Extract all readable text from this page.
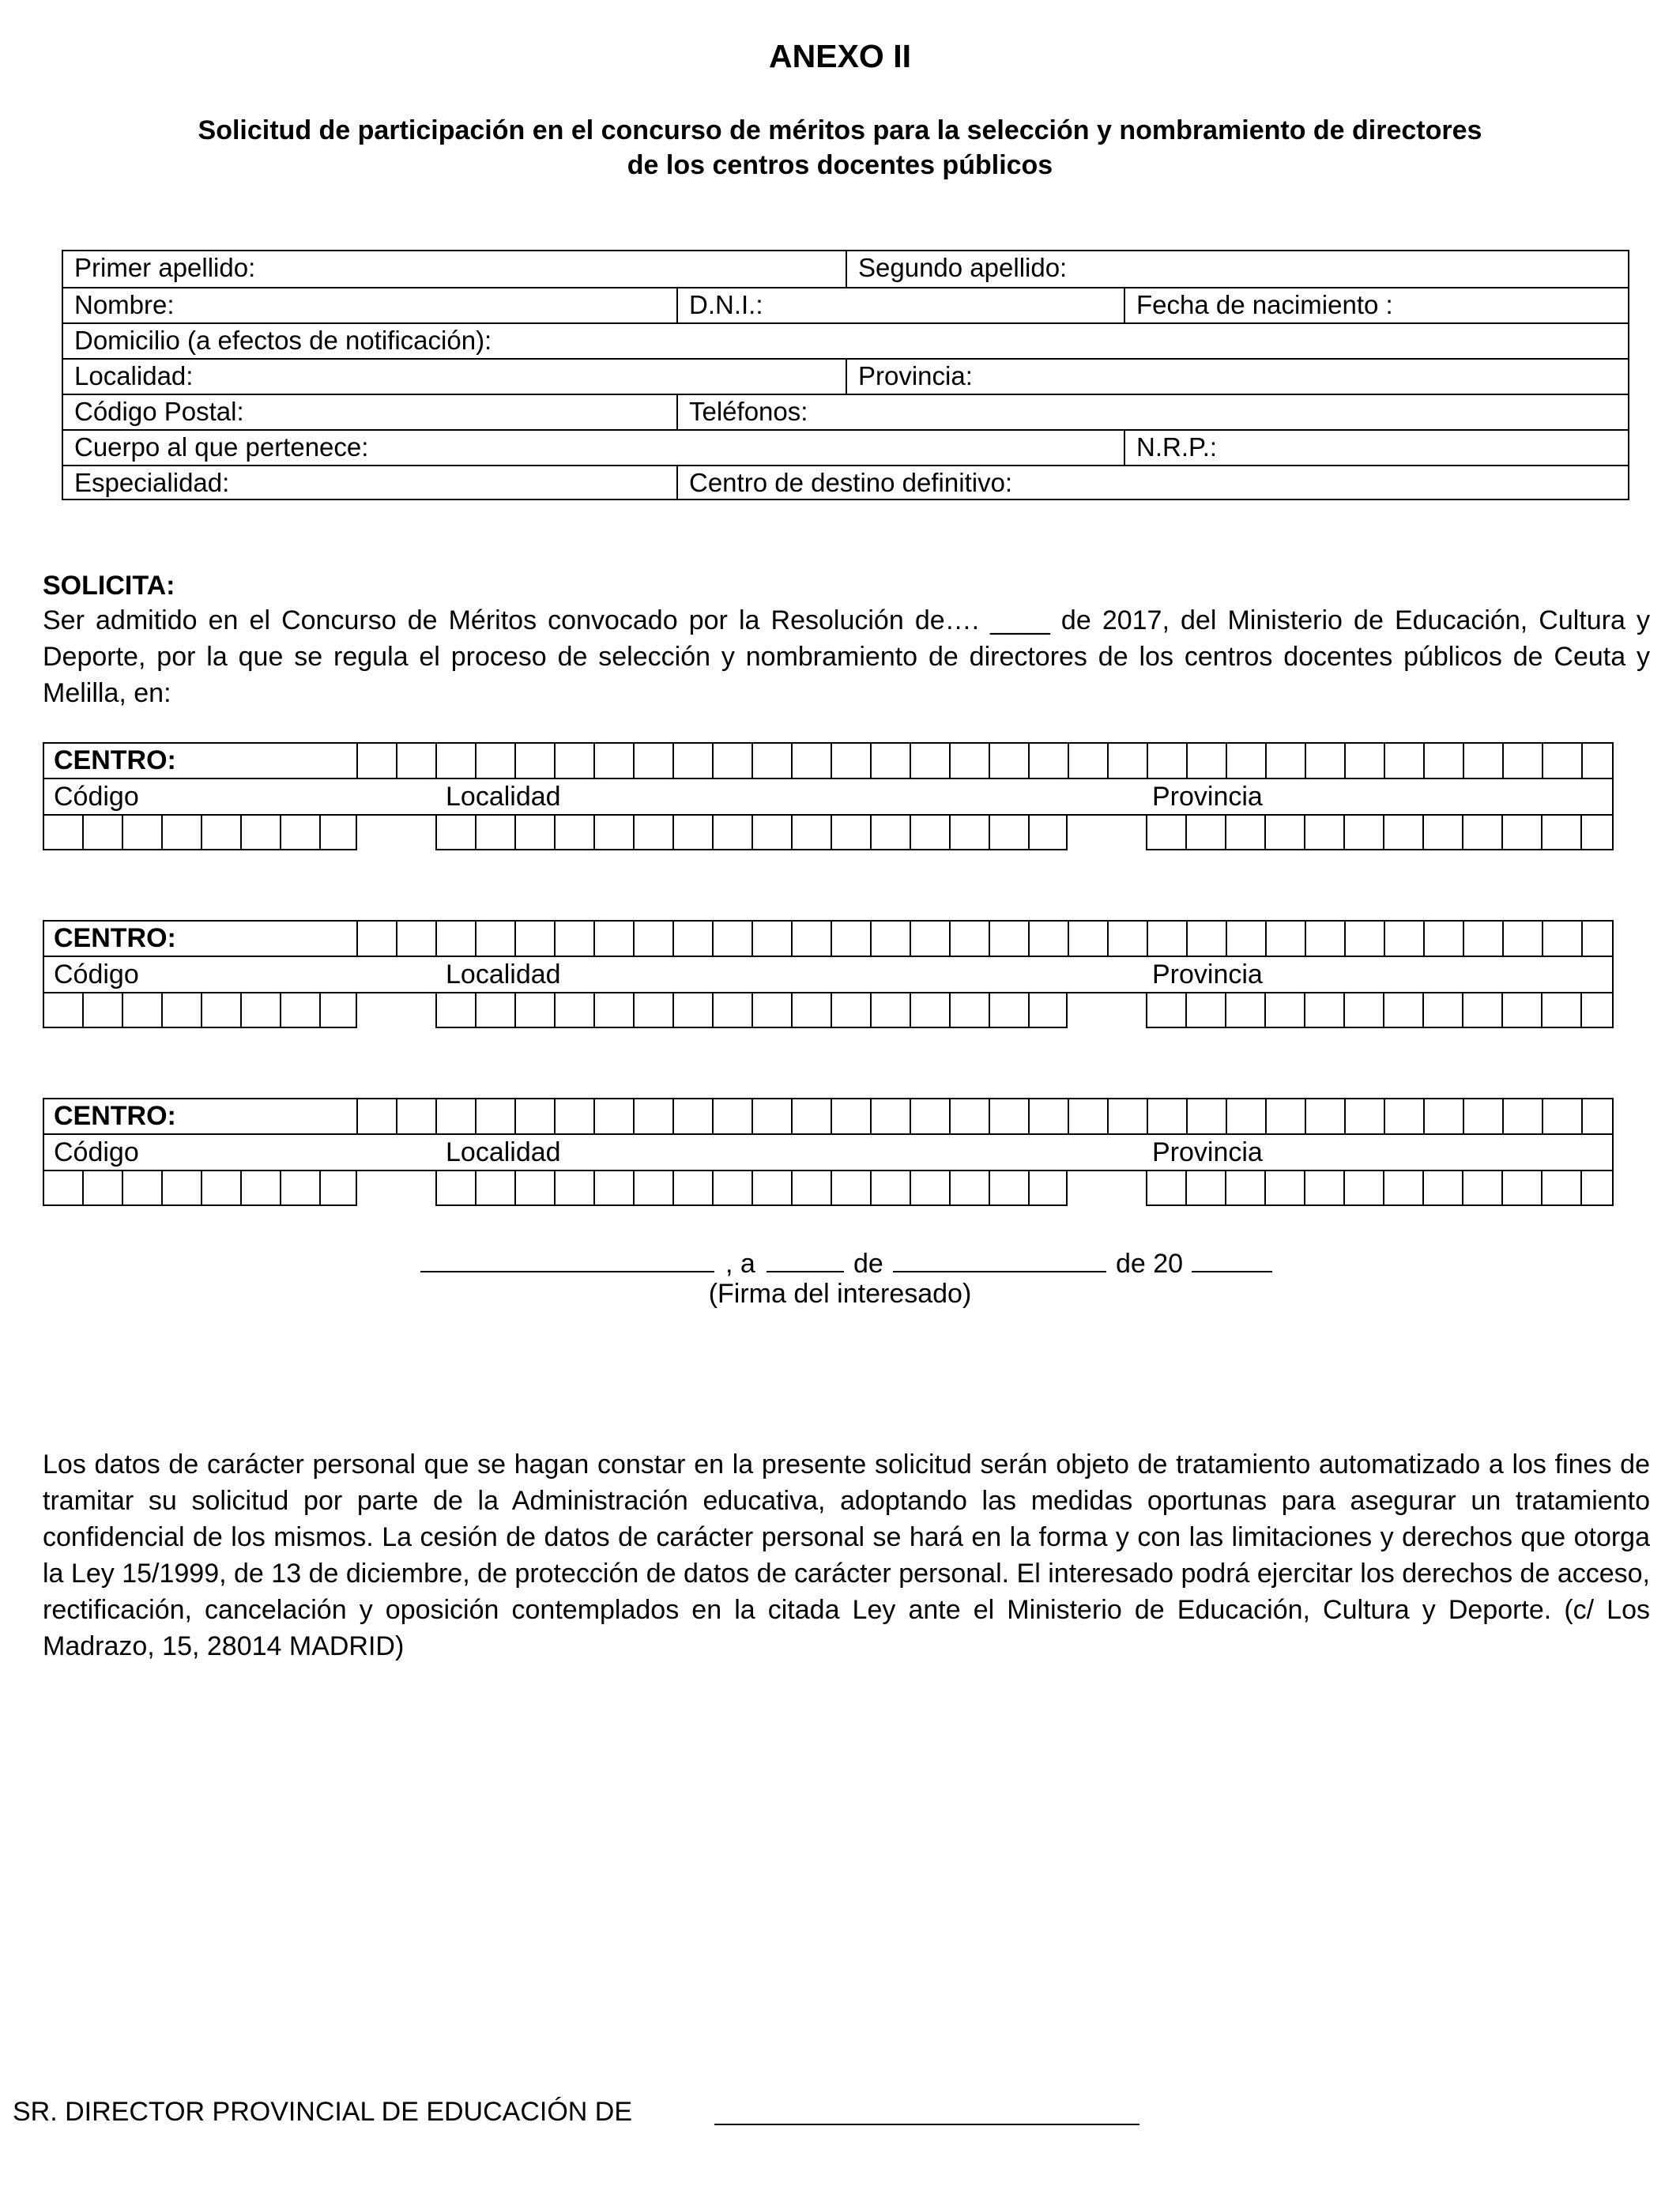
ANEXO II
Solicitud de participación en el concurso de méritos para la selección y nombramiento de directores
de los centros docentes públicos
Primer apellido:	Segundo apellido:
Nombre:	D.N.I.:	Fecha de nacimiento :
Domicilio (a efectos de notificación):
Localidad:	Provincia:
Código Postal:	Teléfonos:
Cuerpo al que pertenece:	N.R.P.:
Especialidad:	Centro de destino definitivo:
SOLICITA:
Ser admitido en el Concurso de Méritos convocado por la Resolución de…. ____ de 2017, del Ministerio de Educación, Cultura y Deporte, por la que se regula el proceso de selección y nombramiento de directores de los centros docentes públicos de Ceuta y Melilla, en:
CENTRO:
Código	Localidad	Provincia
CENTRO:
Código	Localidad	Provincia
CENTRO:
Código	Localidad	Provincia
, a	de	de 20
(Firma del interesado)
Los datos de carácter personal que se hagan constar en la presente solicitud serán objeto de tratamiento automatizado a los fines de tramitar su solicitud por parte de la Administración educativa, adoptando las medidas oportunas para asegurar un tratamiento confidencial de los mismos. La cesión de datos de carácter personal se hará en la forma y con las limitaciones y derechos que otorga la Ley 15/1999, de 13 de diciembre, de protección de datos de carácter personal. El interesado podrá ejercitar los derechos de acceso, rectificación, cancelación y oposición contemplados en la citada Ley ante el Ministerio de Educación, Cultura y Deporte. (c/ Los Madrazo, 15, 28014 MADRID)
SR. DIRECTOR PROVINCIAL DE EDUCACIÓN DE
